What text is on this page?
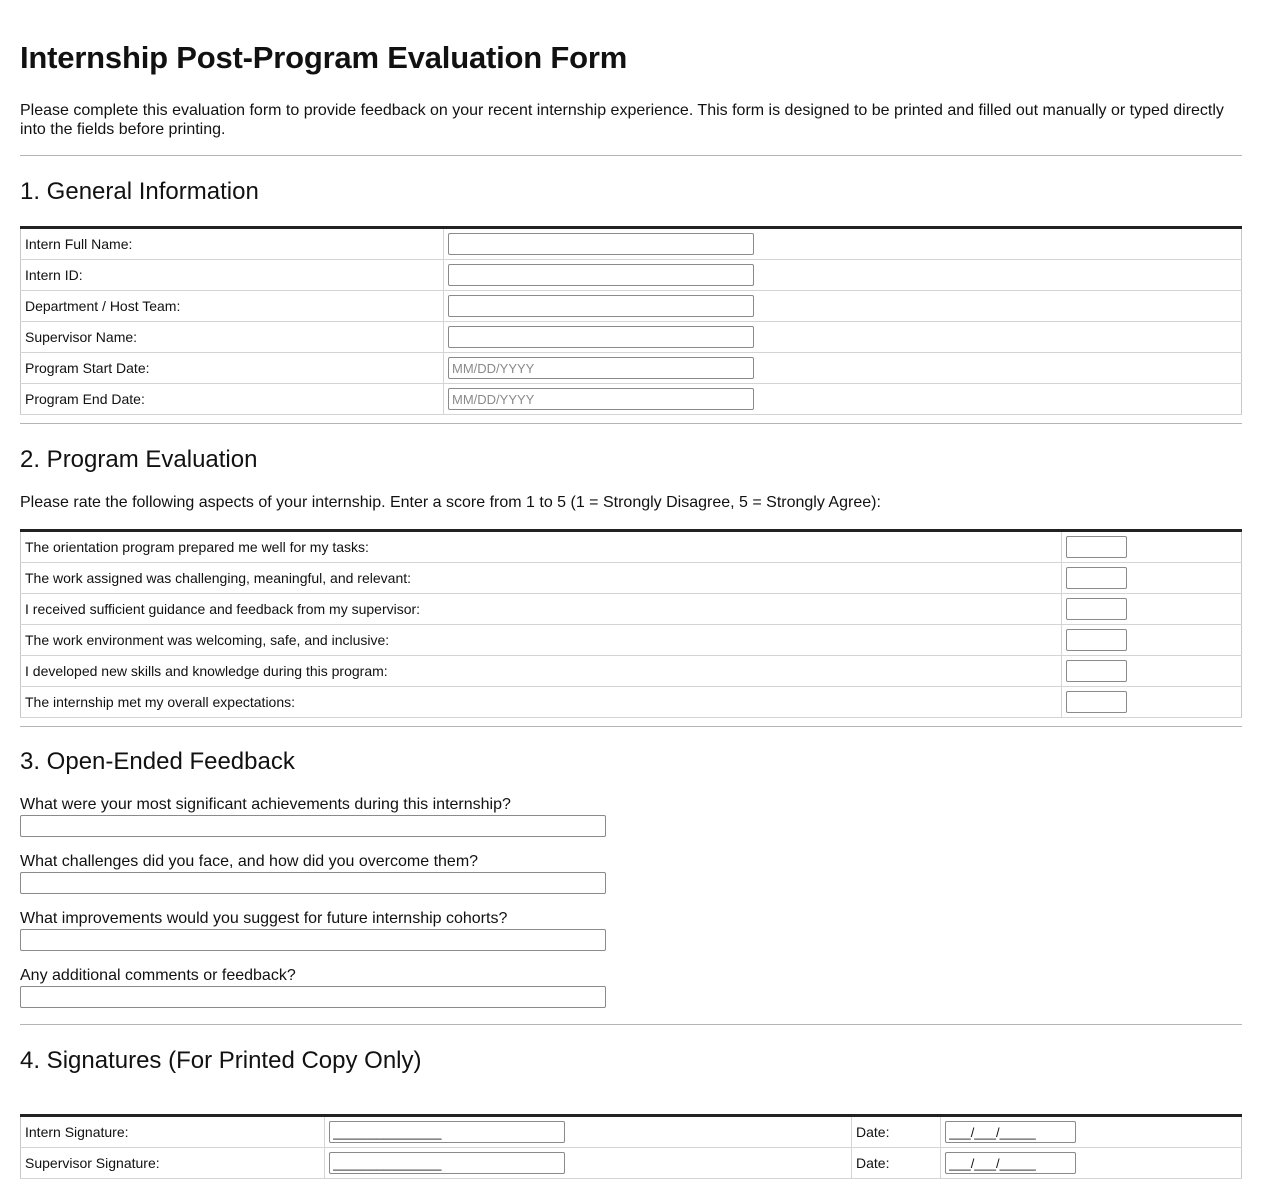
Internship Post-Program Evaluation Form
Please complete this evaluation form to provide feedback on your recent internship experience. This form is designed to be printed and filled out manually or typed directly into the fields before printing.
1. General Information
Intern Full Name:	
Intern ID:	
Department / Host Team:	
Supervisor Name:	
Program Start Date:	MM/DD/YYYY
Program End Date:	MM/DD/YYYY
2. Program Evaluation
Please rate the following aspects of your internship. Enter a score from 1 to 5 (1 = Strongly Disagree, 5 = Strongly Agree):
The orientation program prepared me well for my tasks:	
The work assigned was challenging, meaningful, and relevant:	
I received sufficient guidance and feedback from my supervisor:	
The work environment was welcoming, safe, and inclusive:	
I developed new skills and knowledge during this program:	
The internship met my overall expectations:	
3. Open-Ended Feedback
What were your most significant achievements during this internship?
What challenges did you face, and how did you overcome them?
What improvements would you suggest for future internship cohorts?
Any additional comments or feedback?
4. Signatures (For Printed Copy Only)
Intern Signature:	_______________	Date:	___/___/_____
Supervisor Signature:	_______________	Date:	___/___/_____
